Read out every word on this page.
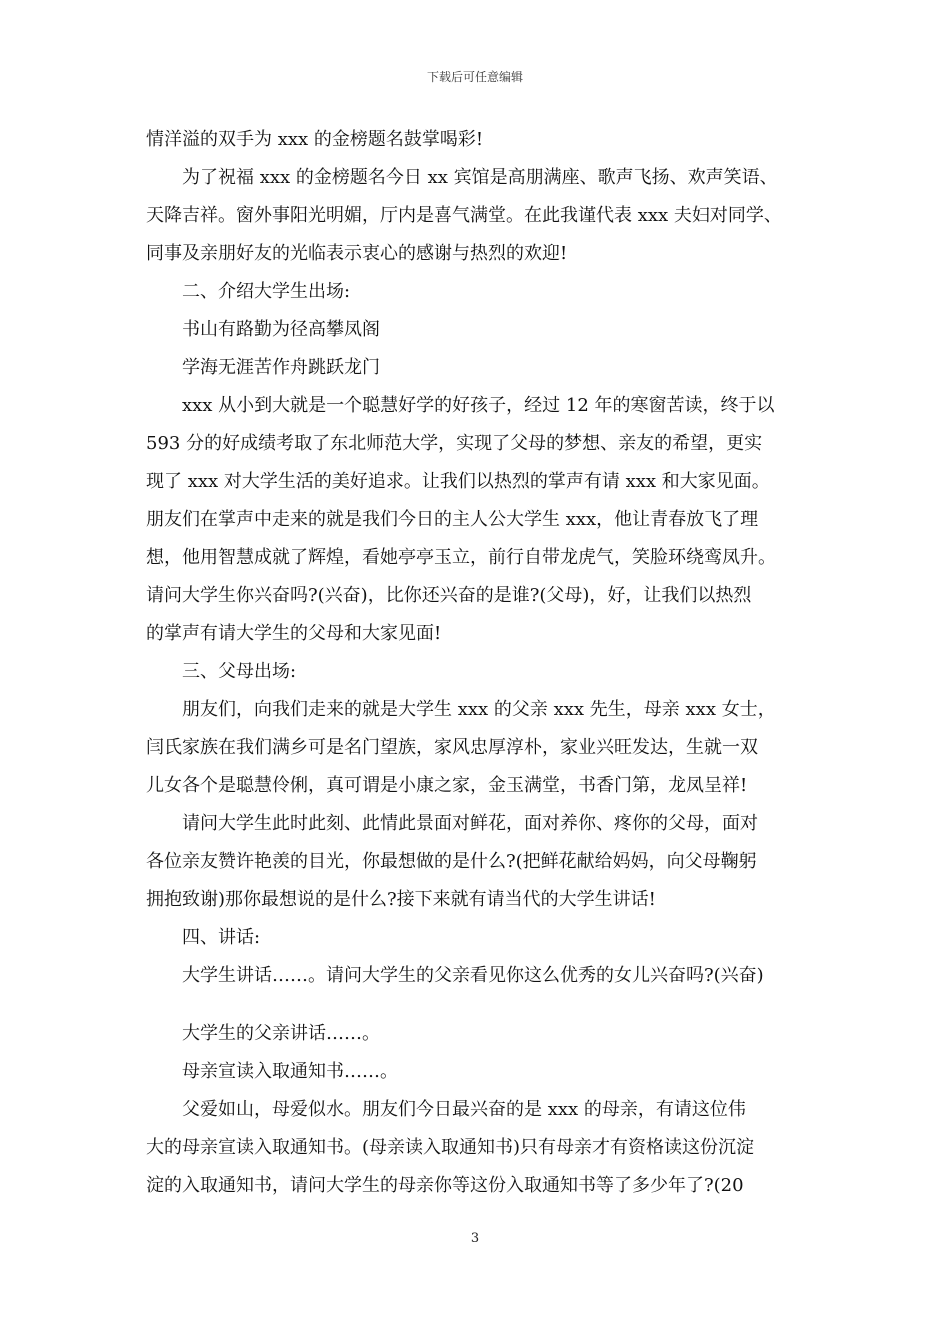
下载后可任意编辑
情洋溢的双手为 xxx 的金榜题名鼓掌喝彩!
为了祝福 xxx 的金榜题名今日 xx 宾馆是高朋满座、歌声飞扬、欢声笑语、
天降吉祥。窗外事阳光明媚，厅内是喜气满堂。在此我谨代表 xxx 夫妇对同学、
同事及亲朋好友的光临表示衷心的感谢与热烈的欢迎!
二、介绍大学生出场:
书山有路勤为径高攀凤阁
学海无涯苦作舟跳跃龙门
xxx 从小到大就是一个聪慧好学的好孩子，经过 12 年的寒窗苦读，终于以
593 分的好成绩考取了东北师范大学，实现了父母的梦想、亲友的希望，更实
现了 xxx 对大学生活的美好追求。让我们以热烈的掌声有请 xxx 和大家见面。
朋友们在掌声中走来的就是我们今日的主人公大学生 xxx，他让青春放飞了理
想，他用智慧成就了辉煌，看她亭亭玉立，前行自带龙虎气，笑脸环绕鸾凤升。
请问大学生你兴奋吗?(兴奋)，比你还兴奋的是谁?(父母)，好，让我们以热烈
的掌声有请大学生的父母和大家见面!
三、父母出场:
朋友们，向我们走来的就是大学生 xxx 的父亲 xxx 先生，母亲 xxx 女士，
闫氏家族在我们满乡可是名门望族，家风忠厚淳朴，家业兴旺发达，生就一双
儿女各个是聪慧伶俐，真可谓是小康之家，金玉满堂，书香门第，龙凤呈祥!
请问大学生此时此刻、此情此景面对鲜花，面对养你、疼你的父母，面对
各位亲友赞许艳羡的目光，你最想做的是什么?(把鲜花献给妈妈，向父母鞠躬
拥抱致谢)那你最想说的是什么?接下来就有请当代的大学生讲话!
四、讲话:
大学生讲话……。请问大学生的父亲看见你这么优秀的女儿兴奋吗?(兴奋)
大学生的父亲讲话……。
母亲宣读入取通知书……。
父爱如山，母爱似水。朋友们今日最兴奋的是 xxx 的母亲，有请这位伟
大的母亲宣读入取通知书。(母亲读入取通知书)只有母亲才有资格读这份沉淀
淀的入取通知书，请问大学生的母亲你等这份入取通知书等了多少年了?(20
3
